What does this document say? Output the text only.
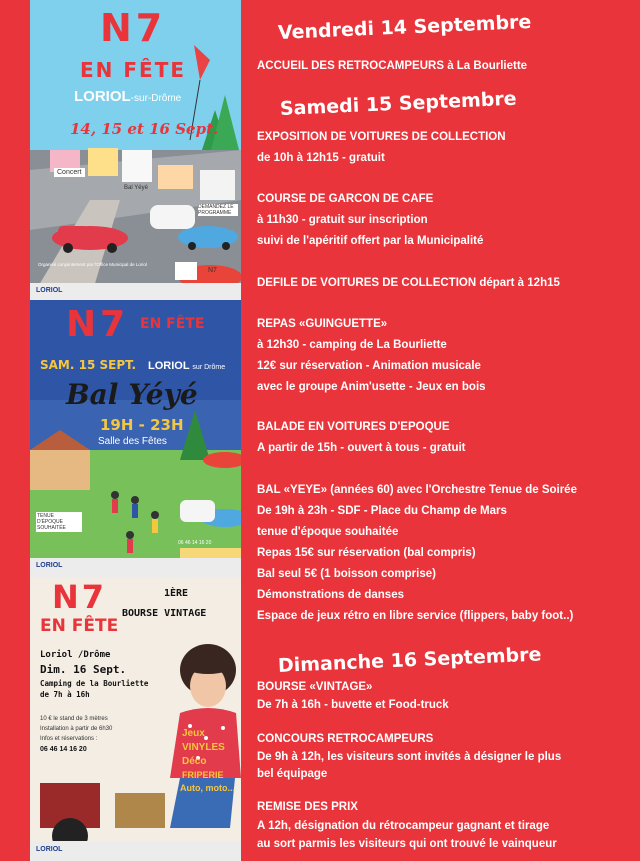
N7
EN FÊTE
LORIOL-sur-Drôme
14, 15 et 16 Sept.
Concert
Bal Yéyé
DEMANDEZ LE PROGRAMME
Organisé conjointement par l'Office Municipal de Loriol
N7
LORIOL
N7 EN FÊTE
SAM. 15 SEPT. LORIOL sur Drôme
Bal Yéyé
19H - 23H
Salle des Fêtes
TENUE D'ÉPOQUE SOUHAITÉE
06 46 14 16 20
LORIOL
N7
EN FÊTE
1ÈRE
BOURSE VINTAGE
Loriol /Drôme
Dim. 16 Sept.
Camping de la Bourliette
de 7h à 16h
10 € le stand de 3 mètres
Installation à partir de 6h30
Infos et réservations :
06 46 14 16 20
Jeux
VINYLES
Déco
FRIPERIE
Auto, moto...
LORIOL
Vendredi 14 Septembre
ACCUEIL DES RETROCAMPEURS à La Bourliette
Samedi 15 Septembre
EXPOSITION DE VOITURES DE COLLECTION
de 10h à 12h15 - gratuit
COURSE DE GARCON DE CAFE
à 11h30 - gratuit sur inscription
suivi de l'apéritif offert par la Municipalité
DEFILE DE VOITURES DE COLLECTION départ à 12h15
REPAS «GUINGUETTE»
à 12h30 - camping de La Bourliette
12€ sur réservation - Animation musicale
avec le groupe Anim'usette - Jeux en bois
BALADE EN VOITURES D'EPOQUE
A partir de 15h - ouvert à tous - gratuit
BAL «YEYE» (années 60) avec l'Orchestre Tenue de Soirée
De 19h à 23h - SDF - Place du Champ de Mars
tenue d'époque souhaitée
Repas 15€ sur réservation (bal compris)
Bal seul 5€ (1 boisson comprise)
Démonstrations de danses
Espace de jeux rétro en libre service (flippers, baby foot..)
Dimanche 16 Septembre
BOURSE «VINTAGE»
De 7h à 16h - buvette et Food-truck
CONCOURS RETROCAMPEURS
De 9h à 12h, les visiteurs sont invités à désigner le plus
bel équipage
REMISE DES PRIX
A 12h, désignation du rétrocampeur gagnant et tirage
au sort parmis les visiteurs qui ont trouvé le vainqueur
